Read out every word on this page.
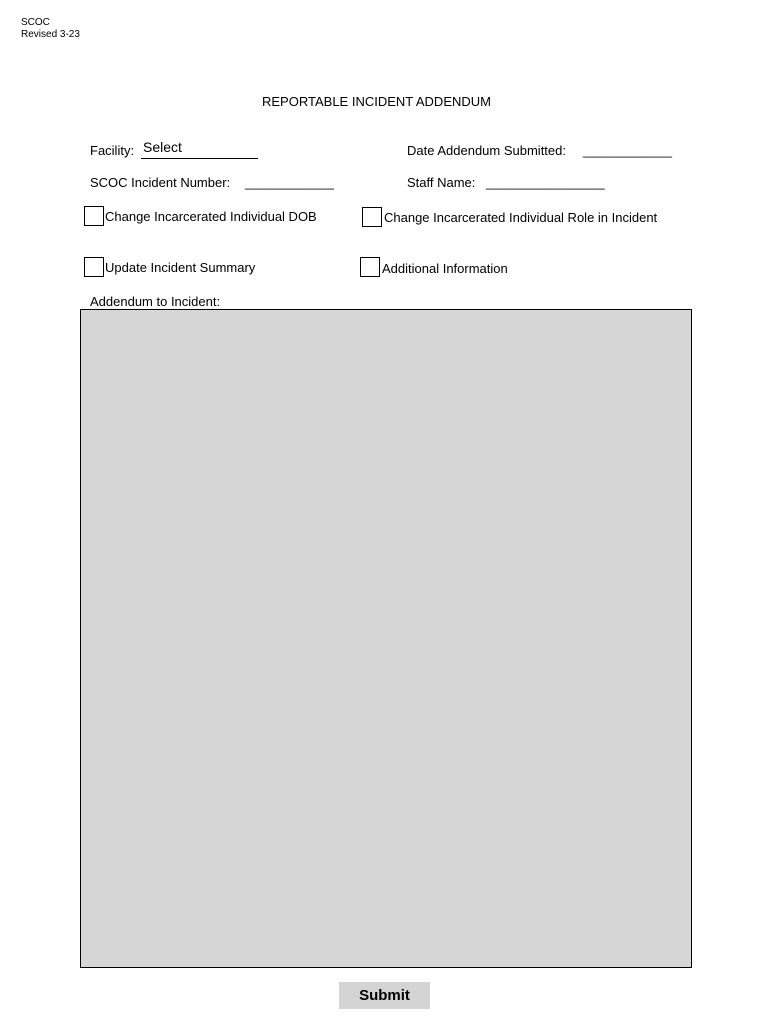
SCOC
Revised 3-23
REPORTABLE INCIDENT ADDENDUM
Facility: Select	Date Addendum Submitted: ____________
SCOC Incident Number: ____________	Staff Name: ________________
Change Incarcerated Individual DOB	Change Incarcerated Individual Role in Incident
Update Incident Summary	Additional Information
Addendum to Incident:
Submit
